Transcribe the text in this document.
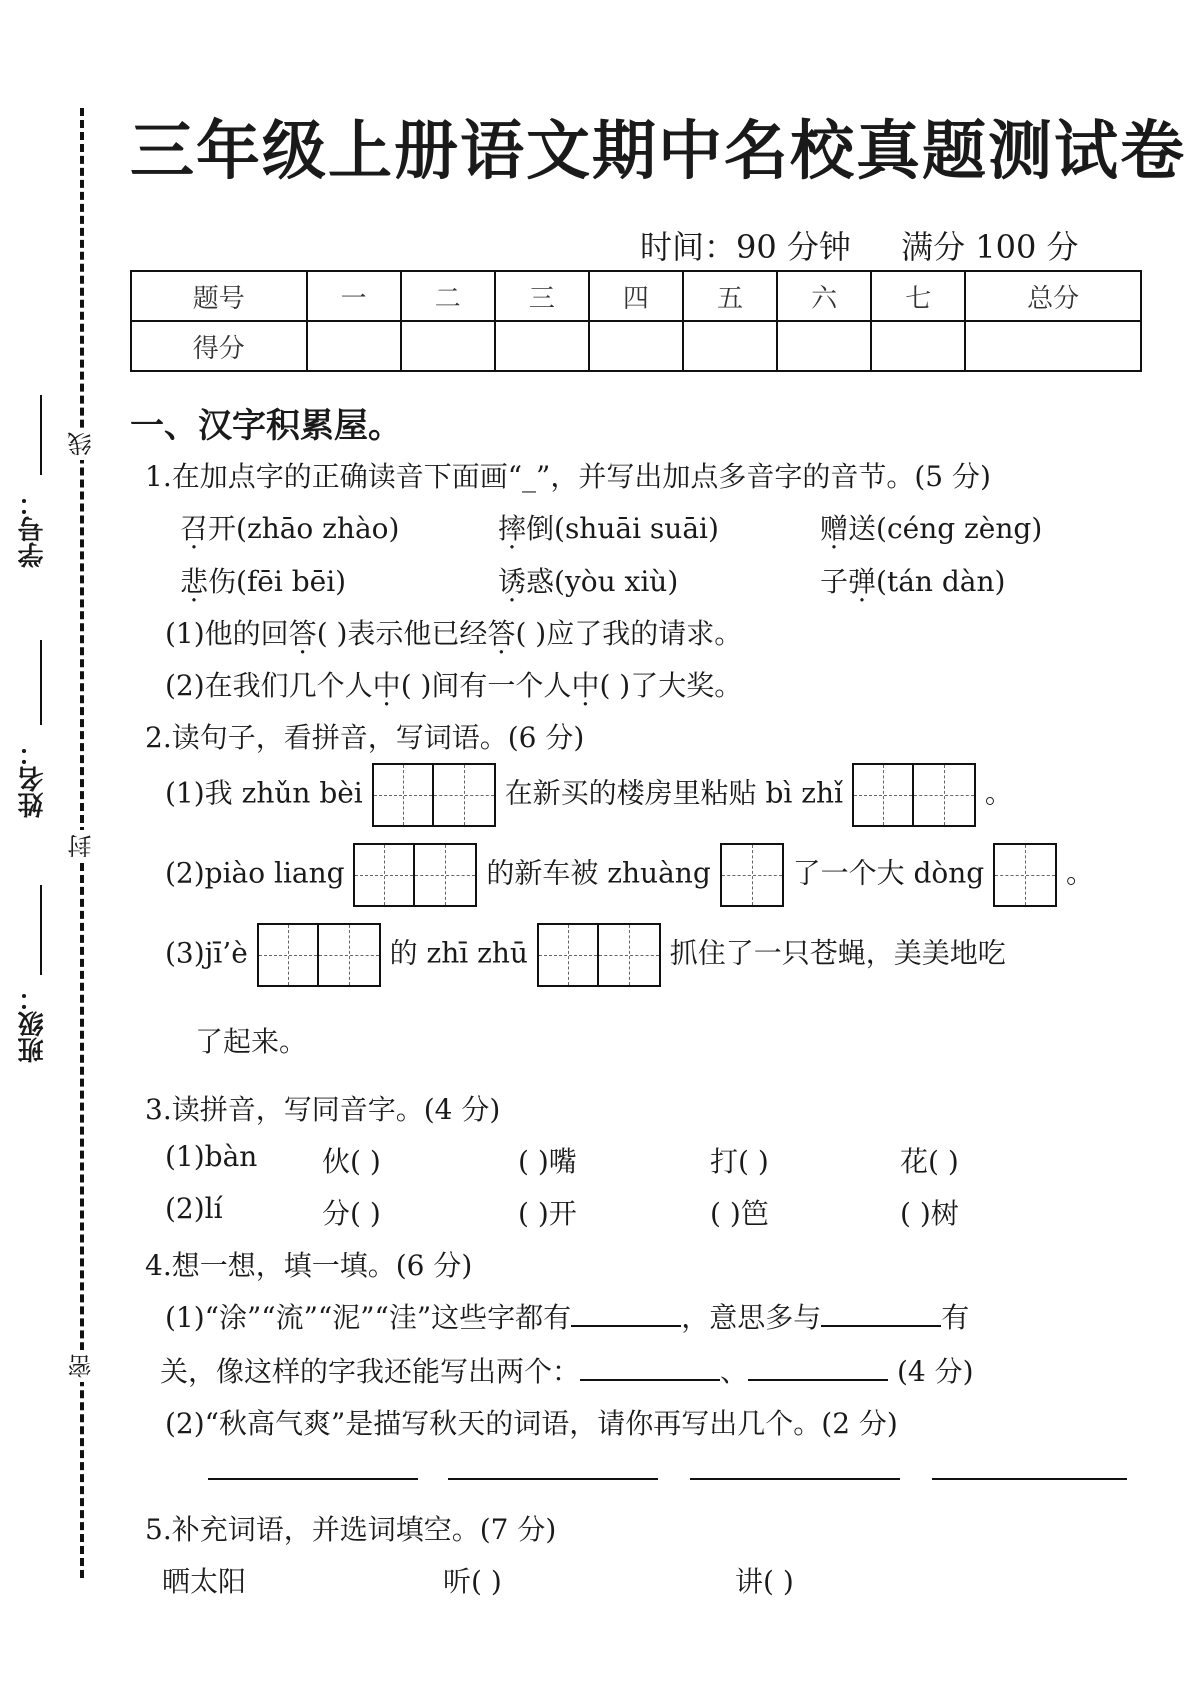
学号：
姓名：
班级：
线
封
密
三年级上册语文期中名校真题测试卷
时间：90 分钟 满分 100 分
题号	一	二	三	四	五	六	七	总分
得分								
一、汉字积累屋。
1.在加点字的正确读音下面画“_”，并写出加点多音字的音节。(5 分)
召开(zhāo zhào)	摔倒(shuāi suāi)	赠送(céng zèng)
悲伤(fēi bēi)	诱惑(yòu xiù)	子弹(tán dàn)
(1)他的回答( )表示他已经答( )应了我的请求。
(2)在我们几个人中( )间有一个人中( )了大奖。
2.读句子，看拼音，写词语。(6 分)
(1)我 zhǔn bèi	在新买的楼房里粘贴 bì zhǐ	。
(2)piào liang	的新车被 zhuàng	了一个大 dòng	。
(3)jī’è	的 zhī zhū	抓住了一只苍蝇，美美地吃
了起来。
3.读拼音，写同音字。(4 分)
(1)bàn 伙( )	( )嘴	打( )	花( )
(2)lí	分( )	( )开	( )笆	( )树
4.想一想，填一填。(6 分)
(1)“涂”“流”“泥”“洼”这些字都有	，意思多与	有
关，像这样的字我还能写出两个：	、	(4 分)
(2)“秋高气爽”是描写秋天的词语，请你再写出几个。(2 分)
5.补充词语，并选词填空。(7 分)
晒太阳	听( )	讲( )
